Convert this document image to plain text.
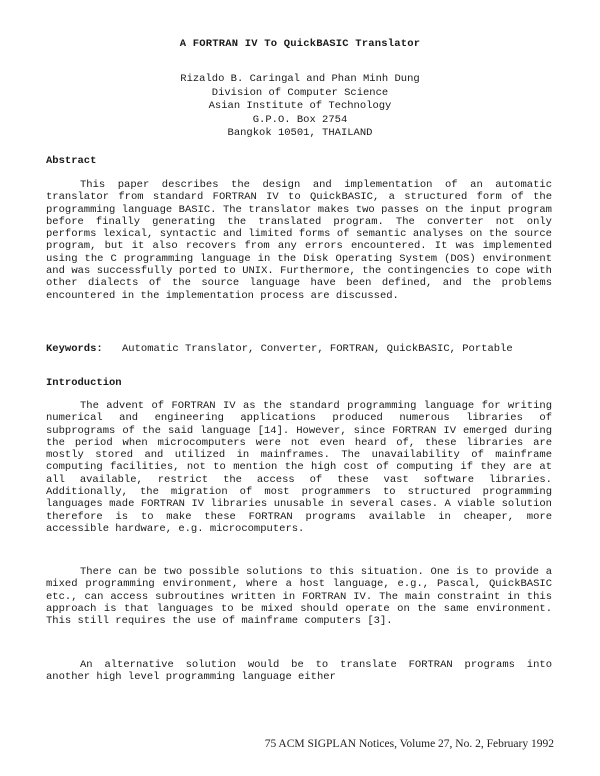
A FORTRAN IV To QuickBASIC Translator
Rizaldo B. Caringal and Phan Minh Dung
Division of Computer Science
Asian Institute of Technology
G.P.O. Box 2754
Bangkok 10501, THAILAND
Abstract

This paper describes the design and implementation of an automatic translator from standard FORTRAN IV to QuickBASIC, a structured form of the programming language BASIC. The translator makes two passes on the input program before finally generating the translated program. The converter not only performs lexical, syntactic and limited forms of semantic analyses on the source program, but it also recovers from any errors encountered. It was implemented using the C programming language in the Disk Operating System (DOS) environment and was successfully ported to UNIX. Furthermore, the contingencies to cope with other dialects of the source language have been defined, and the problems encountered in the implementation process are discussed.

Keywords: Automatic Translator, Converter, FORTRAN, QuickBASIC, Portable
Introduction

The advent of FORTRAN IV as the standard programming language for writing numerical and engineering applications produced numerous libraries of subprograms of the said language [14]. However, since FORTRAN IV emerged during the period when microcomputers were not even heard of, these libraries are mostly stored and utilized in mainframes. The unavailability of mainframe computing facilities, not to mention the high cost of computing if they are at all available, restrict the access of these vast software libraries. Additionally, the migration of most programmers to structured programming languages made FORTRAN IV libraries unusable in several cases. A viable solution therefore is to make these FORTRAN programs available in cheaper, more accessible hardware, e.g. microcomputers.

There can be two possible solutions to this situation. One is to provide a mixed programming environment, where a host language, e.g., Pascal, QuickBASIC etc., can access subroutines written in FORTRAN IV. The main constraint in this approach is that languages to be mixed should operate on the same environment. This still requires the use of mainframe computers [3].

An alternative solution would be to translate FORTRAN programs into another high level programming language either

75 ACM SIGPLAN Notices, Volume 27, No. 2, February 1992
